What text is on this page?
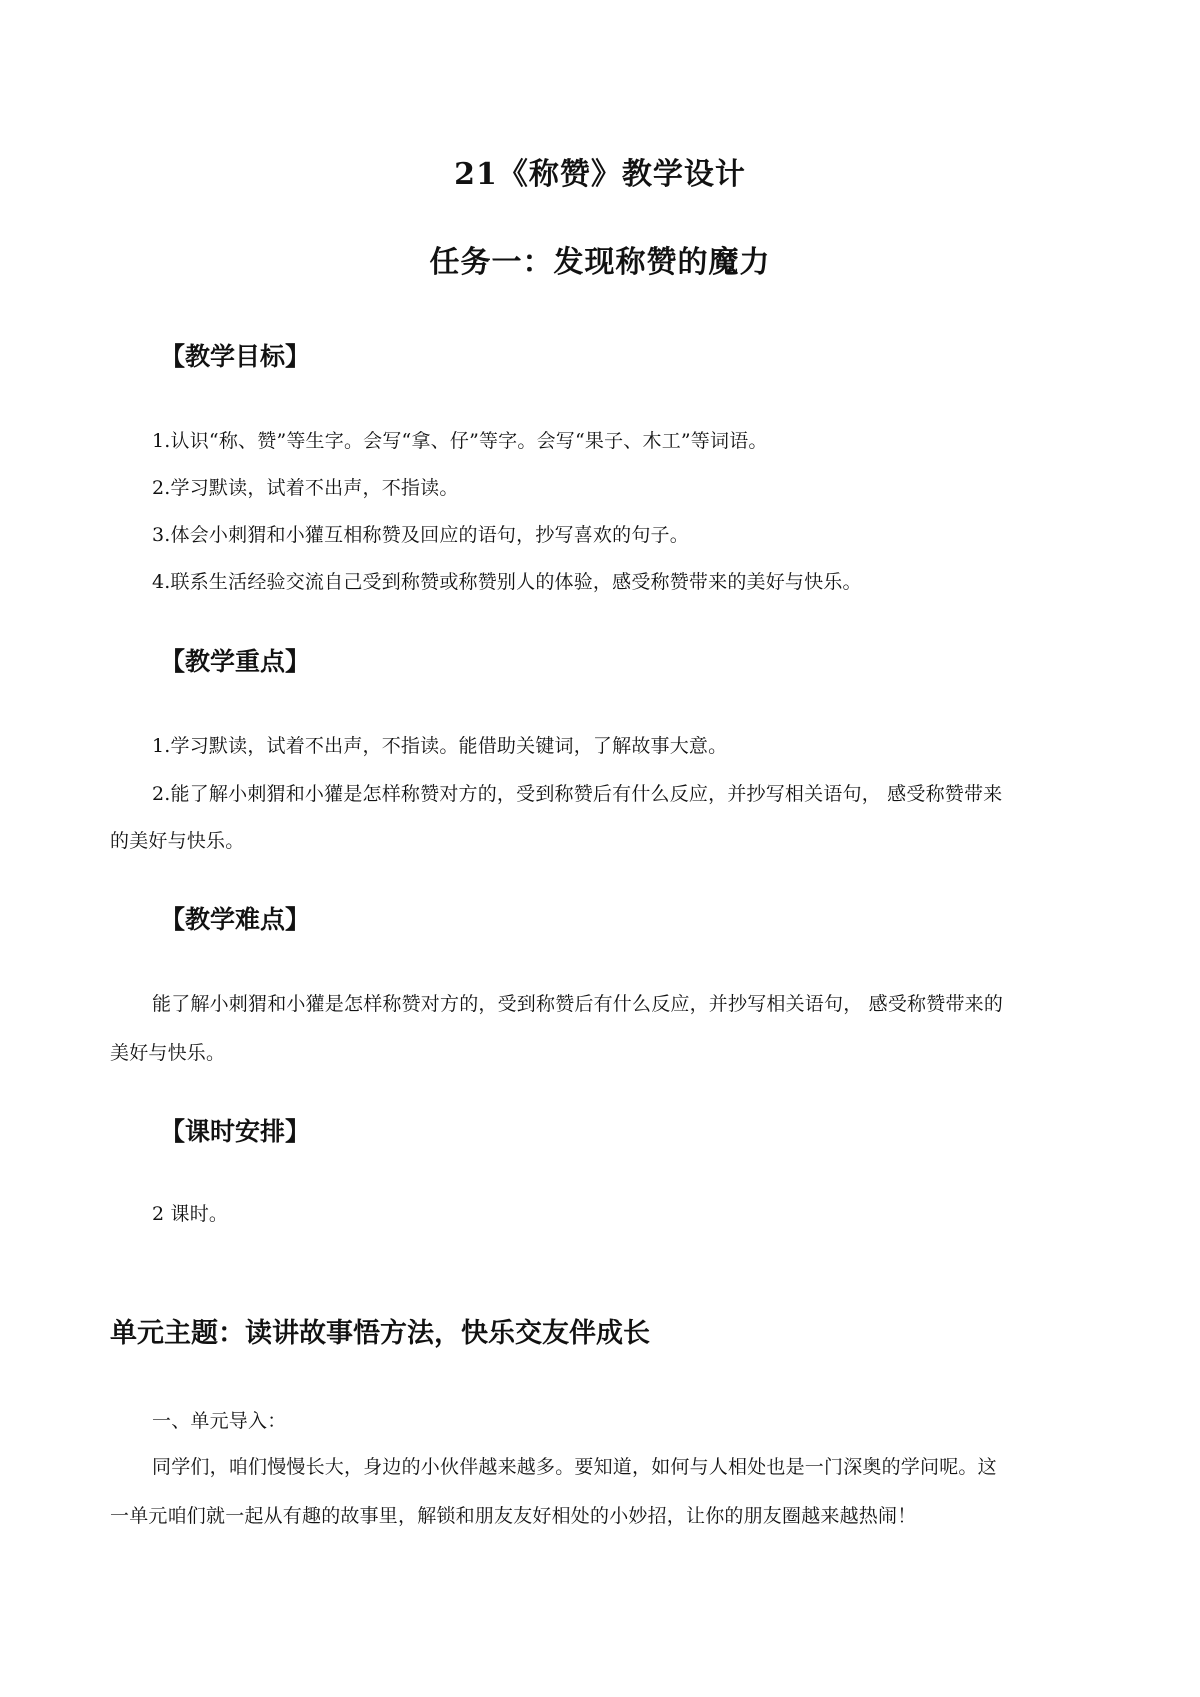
21《称赞》教学设计
任务一：发现称赞的魔力
【教学目标】
1.认识“称、赞”等生字。会写“拿、仔”等字。会写“果子、木工”等词语。
2.学习默读，试着不出声，不指读。
3.体会小刺猬和小獾互相称赞及回应的语句，抄写喜欢的句子。
4.联系生活经验交流自己受到称赞或称赞别人的体验，感受称赞带来的美好与快乐。
【教学重点】
1.学习默读，试着不出声，不指读。能借助关键词，了解故事大意。
2.能了解小刺猬和小獾是怎样称赞对方的，受到称赞后有什么反应，并抄写相关语句， 感受称赞带来
的美好与快乐。
【教学难点】
能了解小刺猬和小獾是怎样称赞对方的，受到称赞后有什么反应，并抄写相关语句， 感受称赞带来的
美好与快乐。
【课时安排】
2 课时。
单元主题：读讲故事悟方法，快乐交友伴成长
一、单元导入：
同学们，咱们慢慢长大，身边的小伙伴越来越多。要知道，如何与人相处也是一门深奥的学问呢。这
一单元咱们就一起从有趣的故事里，解锁和朋友友好相处的小妙招，让你的朋友圈越来越热闹！
